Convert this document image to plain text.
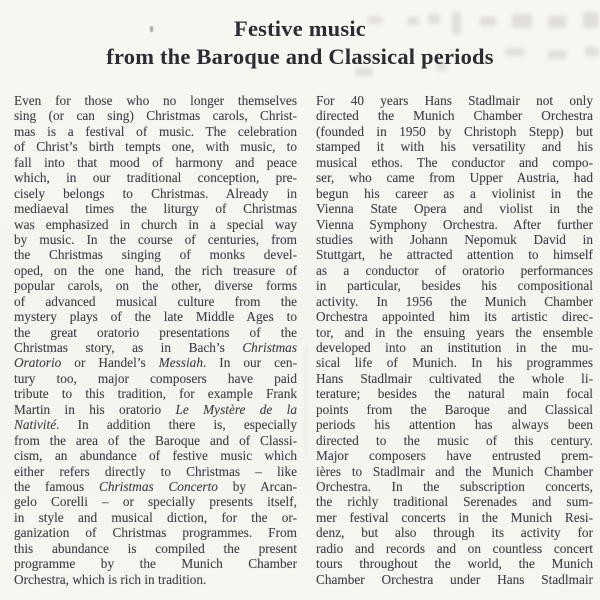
Festive music
from the Baroque and Classical periods
Even for those who no longer themselves
sing (or can sing) Christmas carols, Christ-
mas is a festival of music. The celebration
of Christ’s birth tempts one, with music, to
fall into that mood of harmony and peace
which, in our traditional conception, pre-
cisely belongs to Christmas. Already in
mediaeval times the liturgy of Christmas
was emphasized in church in a special way
by music. In the course of centuries, from
the Christmas singing of monks devel-
oped, on the one hand, the rich treasure of
popular carols, on the other, diverse forms
of advanced musical culture from the
mystery plays of the late Middle Ages to
the great oratorio presentations of the
Christmas story, as in Bach’s Christmas
Oratorio or Handel’s Messiah. In our cen-
tury too, major composers have paid
tribute to this tradition, for example Frank
Martin in his oratorio Le Mystère de la
Nativité. In addition there is, especially
from the area of the Baroque and of Classi-
cism, an abundance of festive music which
either refers directly to Christmas – like
the famous Christmas Concerto by Arcan-
gelo Corelli – or specially presents itself,
in style and musical diction, for the or-
ganization of Christmas programmes. From
this abundance is compiled the present
programme by the Munich Chamber
Orchestra, which is rich in tradition.
For 40 years Hans Stadlmair not only
directed the Munich Chamber Orchestra
(founded in 1950 by Christoph Stepp) but
stamped it with his versatility and his
musical ethos. The conductor and compo-
ser, who came from Upper Austria, had
begun his career as a violinist in the
Vienna State Opera and violist in the
Vienna Symphony Orchestra. After further
studies with Johann Nepomuk David in
Stuttgart, he attracted attention to himself
as a conductor of oratorio performances
in particular, besides his compositional
activity. In 1956 the Munich Chamber
Orchestra appointed him its artistic direc-
tor, and in the ensuing years the ensemble
developed into an institution in the mu-
sical life of Munich. In his programmes
Hans Stadlmair cultivated the whole li-
terature; besides the natural main focal
points from the Baroque and Classical
periods his attention has always been
directed to the music of this century.
Major composers have entrusted prem-
ières to Stadlmair and the Munich Chamber
Orchestra. In the subscription concerts,
the richly traditional Serenades and sum-
mer festival concerts in the Munich Resi-
denz, but also through its activity for
radio and records and on countless concert
tours throughout the world, the Munich
Chamber Orchestra under Hans Stadlmair
